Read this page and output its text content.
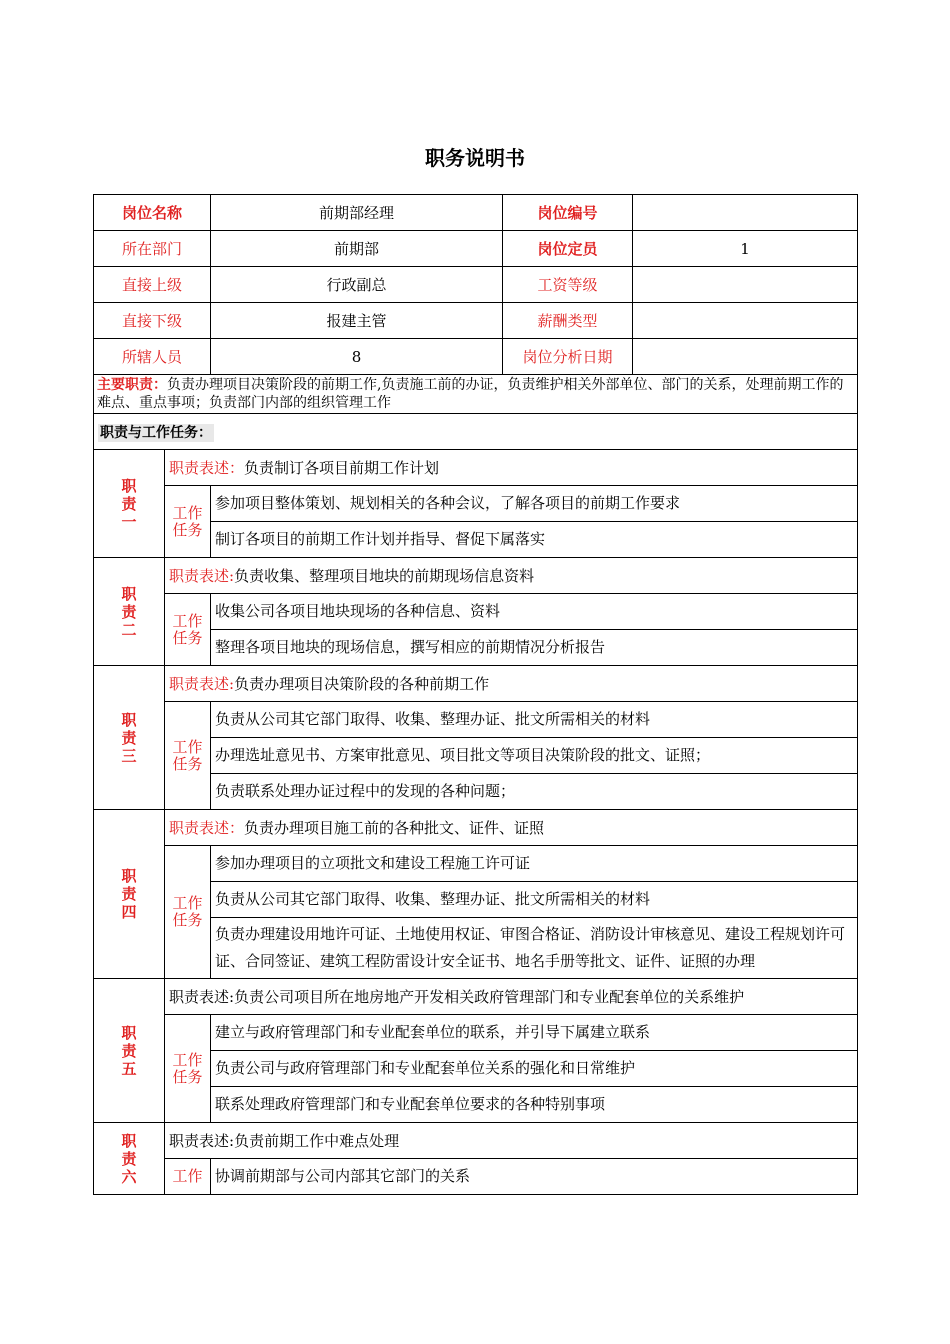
职务说明书
岗位名称		前期部经理	岗位编号	
所在部门		前期部	岗位定员	1
直接上级		行政副总	工资等级	
直接下级		报建主管	薪酬类型	
所辖人员		8	岗位分析日期	
主要职责：负责办理项目决策阶段的前期工作,负责施工前的办证，负责维护相关外部单位、部门的关系，处理前期工作的难点、重点事项；负责部门内部的组织管理工作				
职责与工作任务：				
职责一	职责表述：负责制订各项目前期工作计划			
	工作任务	参加项目整体策划、规划相关的各种会议，了解各项目的前期工作要求		
		制订各项目的前期工作计划并指导、督促下属落实		
职责二	职责表述:负责收集、整理项目地块的前期现场信息资料			
	工作任务	收集公司各项目地块现场的各种信息、资料		
		整理各项目地块的现场信息，撰写相应的前期情况分析报告		
职责三	职责表述:负责办理项目决策阶段的各种前期工作			
	工作任务	负责从公司其它部门取得、收集、整理办证、批文所需相关的材料		
		办理选址意见书、方案审批意见、项目批文等项目决策阶段的批文、证照；		
		负责联系处理办证过程中的发现的各种问题；		
职责四	职责表述：负责办理项目施工前的各种批文、证件、证照			
	工作任务	参加办理项目的立项批文和建设工程施工许可证		
		负责从公司其它部门取得、收集、整理办证、批文所需相关的材料		
		负责办理建设用地许可证、土地使用权证、审图合格证、消防设计审核意见、建设工程规划许可证、合同签证、建筑工程防雷设计安全证书、地名手册等批文、证件、证照的办理		
职责五	职责表述:负责公司项目所在地房地产开发相关政府管理部门和专业配套单位的关系维护			
	工作任务	建立与政府管理部门和专业配套单位的联系，并引导下属建立联系		
		负责公司与政府管理部门和专业配套单位关系的强化和日常维护		
		联系处理政府管理部门和专业配套单位要求的各种特别事项		
职责六	职责表述:负责前期工作中难点处理			
	工作	协调前期部与公司内部其它部门的关系		
